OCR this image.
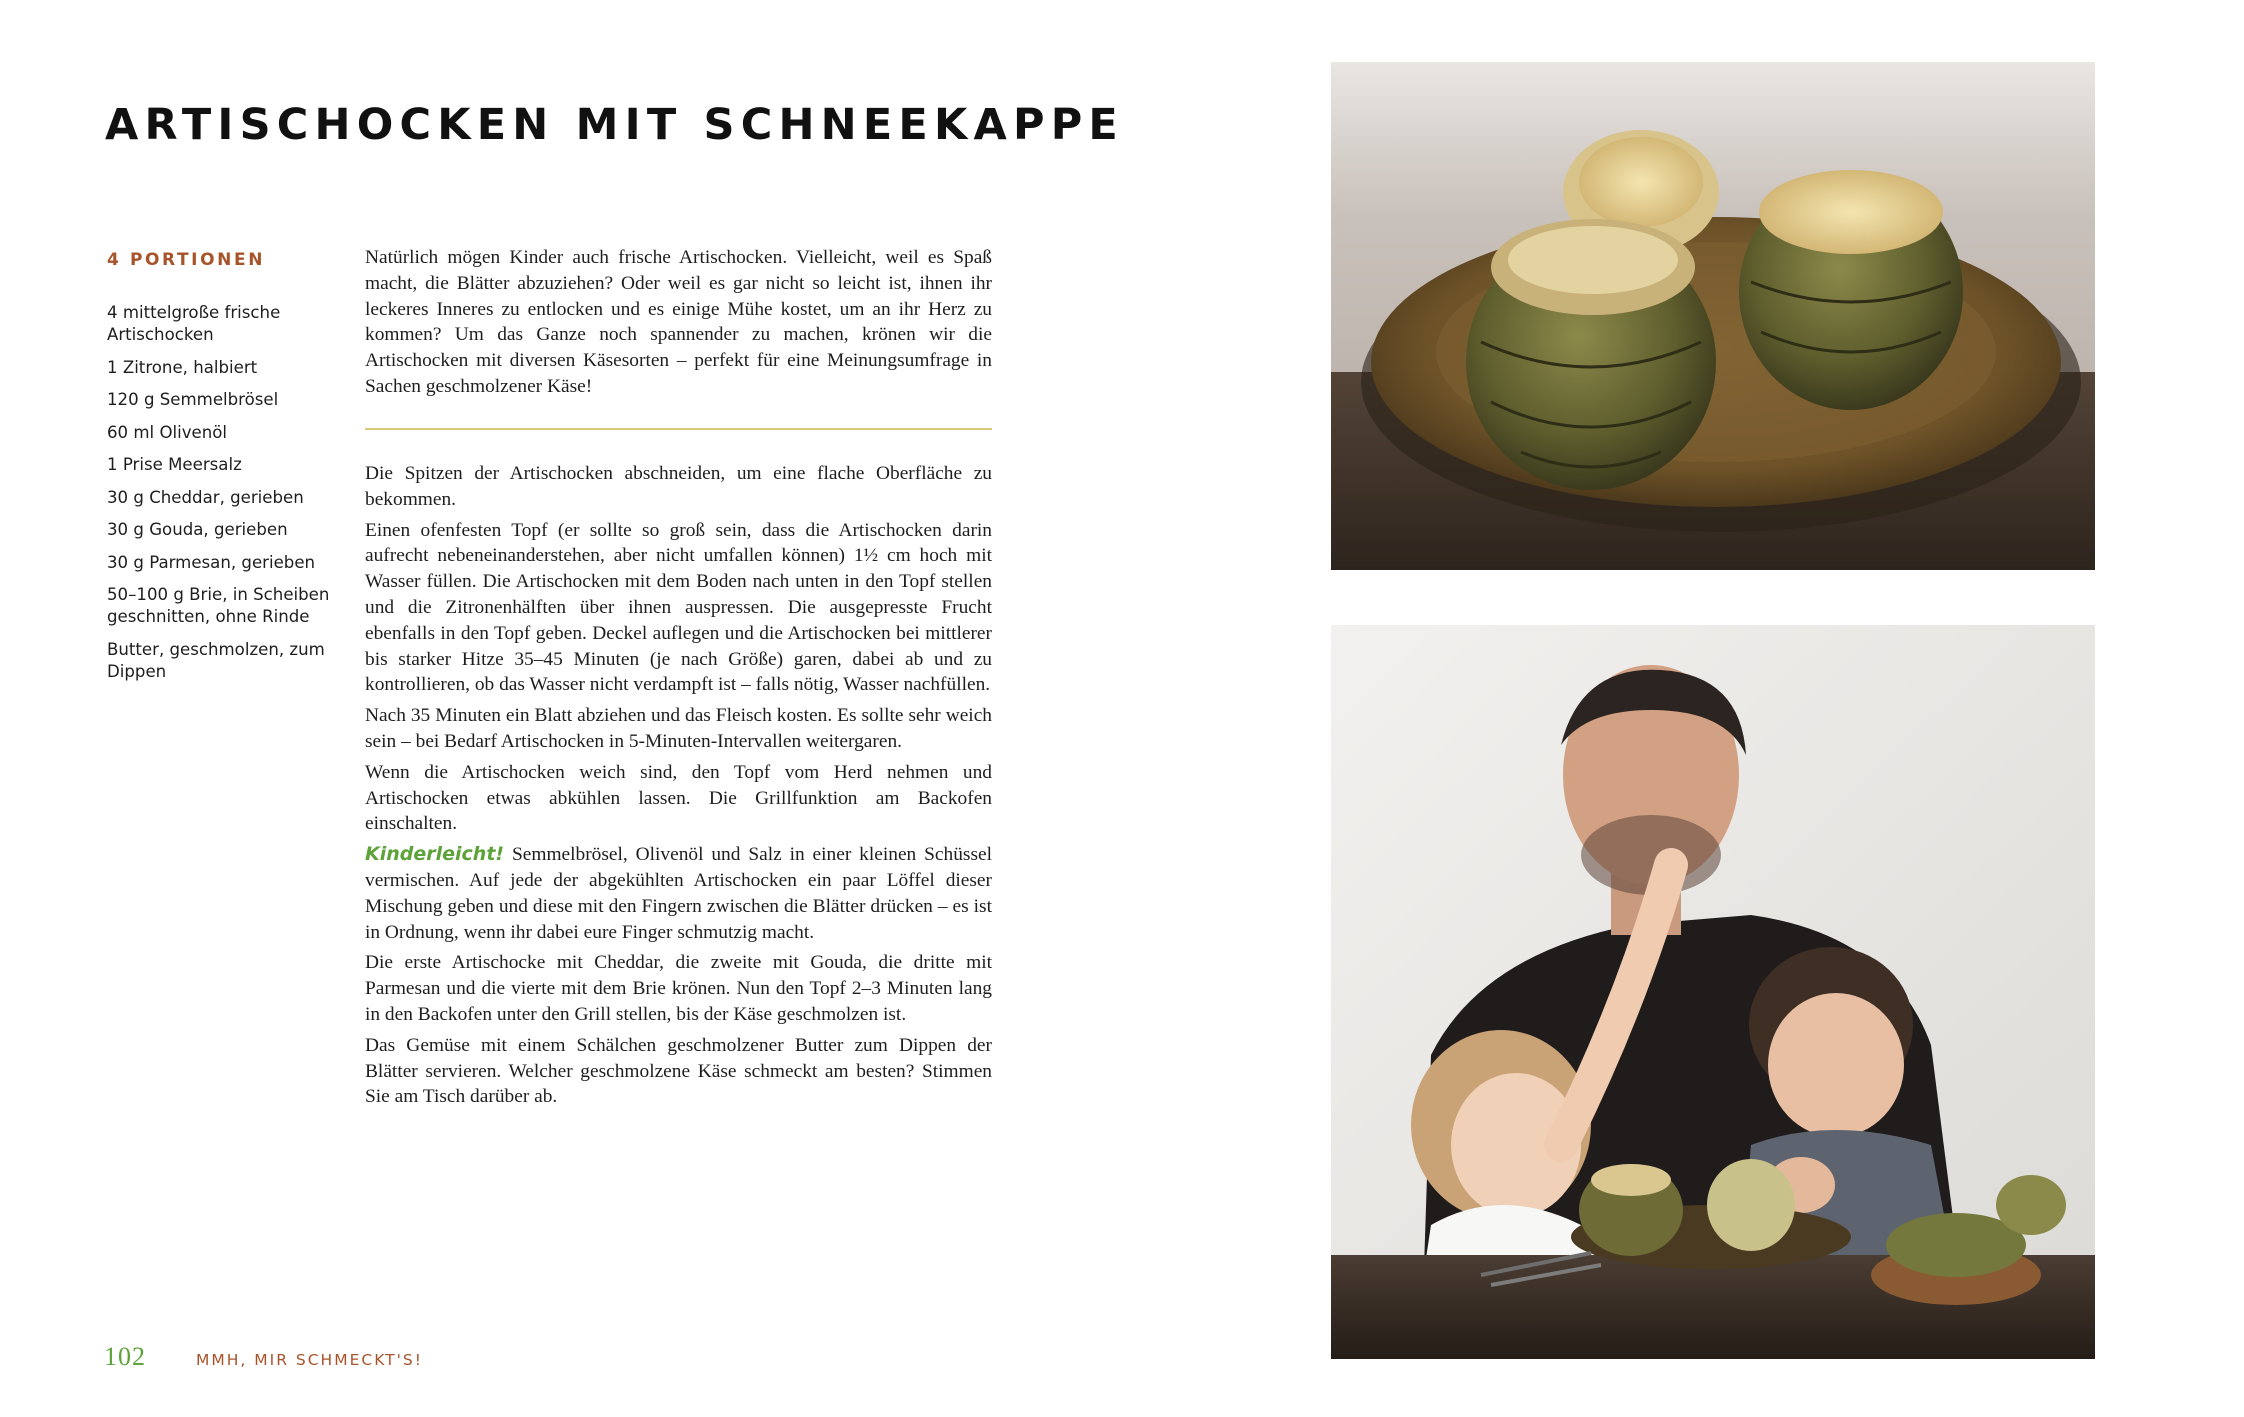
ARTISCHOCKEN MIT SCHNEEKAPPE
4 PORTIONEN
4 mittelgroße frische Artischocken
1 Zitrone, halbiert
120 g Semmelbrösel
60 ml Olivenöl
1 Prise Meersalz
30 g Cheddar, gerieben
30 g Gouda, gerieben
30 g Parmesan, gerieben
50–100 g Brie, in Scheiben geschnitten, ohne Rinde
Butter, geschmolzen, zum Dippen

Natürlich mögen Kinder auch frische Artischocken. Vielleicht, weil es Spaß macht, die Blätter abzuziehen? Oder weil es gar nicht so leicht ist, ihnen ihr leckeres Inneres zu entlocken und es einige Mühe kostet, um an ihr Herz zu kommen? Um das Ganze noch spannender zu machen, krönen wir die Artischocken mit diversen Käsesorten – perfekt für eine Meinungsumfrage in Sachen geschmolzener Käse!

Die Spitzen der Artischocken abschneiden, um eine flache Oberfläche zu bekommen.

Einen ofenfesten Topf (er sollte so groß sein, dass die Artischocken darin aufrecht nebeneinanderstehen, aber nicht umfallen können) 1½ cm hoch mit Wasser füllen. Die Artischocken mit dem Boden nach unten in den Topf stellen und die Zitronenhälften über ihnen auspressen. Die ausgepresste Frucht ebenfalls in den Topf geben. Deckel auflegen und die Artischocken bei mittlerer bis starker Hitze 35–45 Minuten (je nach Größe) garen, dabei ab und zu kontrollieren, ob das Wasser nicht verdampft ist – falls nötig, Wasser nachfüllen.

Nach 35 Minuten ein Blatt abziehen und das Fleisch kosten. Es sollte sehr weich sein – bei Bedarf Artischocken in 5-Minuten-Intervallen weitergaren.

Wenn die Artischocken weich sind, den Topf vom Herd nehmen und Artischocken etwas abkühlen lassen. Die Grillfunktion am Backofen einschalten.

Kinderleicht! Semmelbrösel, Olivenöl und Salz in einer kleinen Schüssel vermischen. Auf jede der abgekühlten Artischocken ein paar Löffel dieser Mischung geben und diese mit den Fingern zwischen die Blätter drücken – es ist in Ordnung, wenn ihr dabei eure Finger schmutzig macht.

Die erste Artischocke mit Cheddar, die zweite mit Gouda, die dritte mit Parmesan und die vierte mit dem Brie krönen. Nun den Topf 2–3 Minuten lang in den Backofen unter den Grill stellen, bis der Käse geschmolzen ist.

Das Gemüse mit einem Schälchen geschmolzener Butter zum Dippen der Blätter servieren. Welcher geschmolzene Käse schmeckt am besten? Stimmen Sie am Tisch darüber ab.

102	MMH, MIR SCHMECKT'S!
